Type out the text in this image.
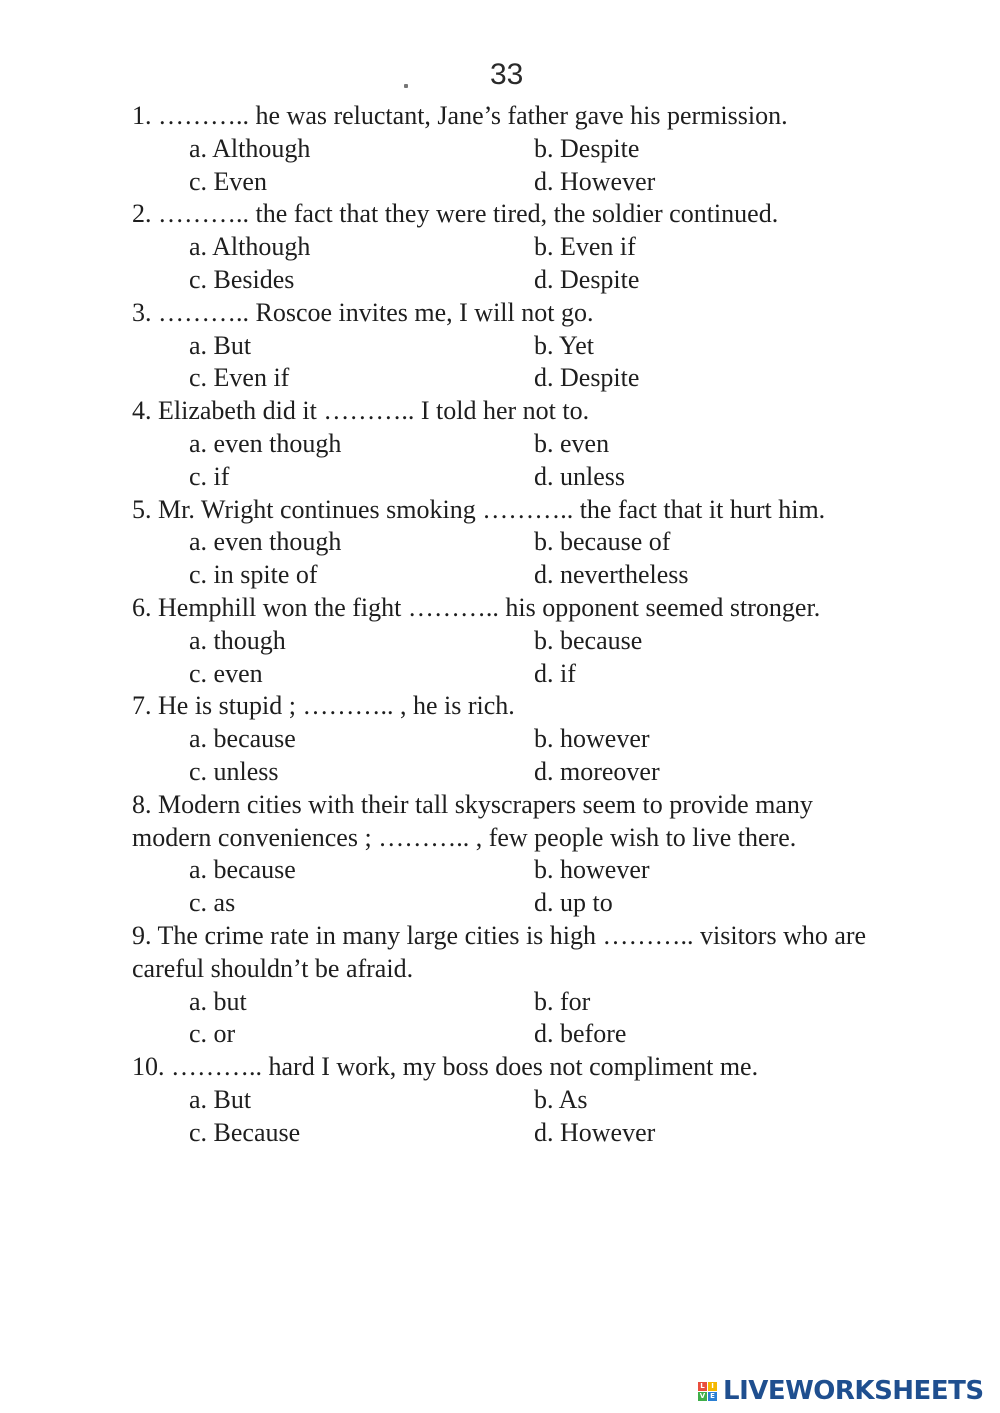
33

1. ……….. he was reluctant, Jane’s father gave his permission.

a. Although	b. Despite
c. Even	d. However

2. ……….. the fact that they were tired, the soldier continued.

a. Although	b. Even if
c. Besides	d. Despite

3. ……….. Roscoe invites me, I will not go.

a. But	b. Yet
c. Even if	d. Despite

4. Elizabeth did it ……….. I told her not to.

a. even though	b. even
c. if	d. unless

5. Mr. Wright continues smoking ……….. the fact that it hurt him.

a. even though	b. because of
c. in spite of	d. nevertheless

6. Hemphill won the fight ……….. his opponent seemed stronger.

a. though	b. because
c. even	d. if

7. He is stupid ; ……….. , he is rich.

a. because	b. however
c. unless	d. moreover

8. Modern cities with their tall skyscrapers seem to provide many modern conveniences ; ……….. , few people wish to live there.

a. because	b. however
c. as	d. up to

9. The crime rate in many large cities is high ……….. visitors who are careful shouldn’t be afraid.

a. but	b. for
c. or	d. before

10. ……….. hard I work, my boss does not compliment me.

a. But	b. As
c. Because	d. However
L I
V E LIVEWORKSHEETS
